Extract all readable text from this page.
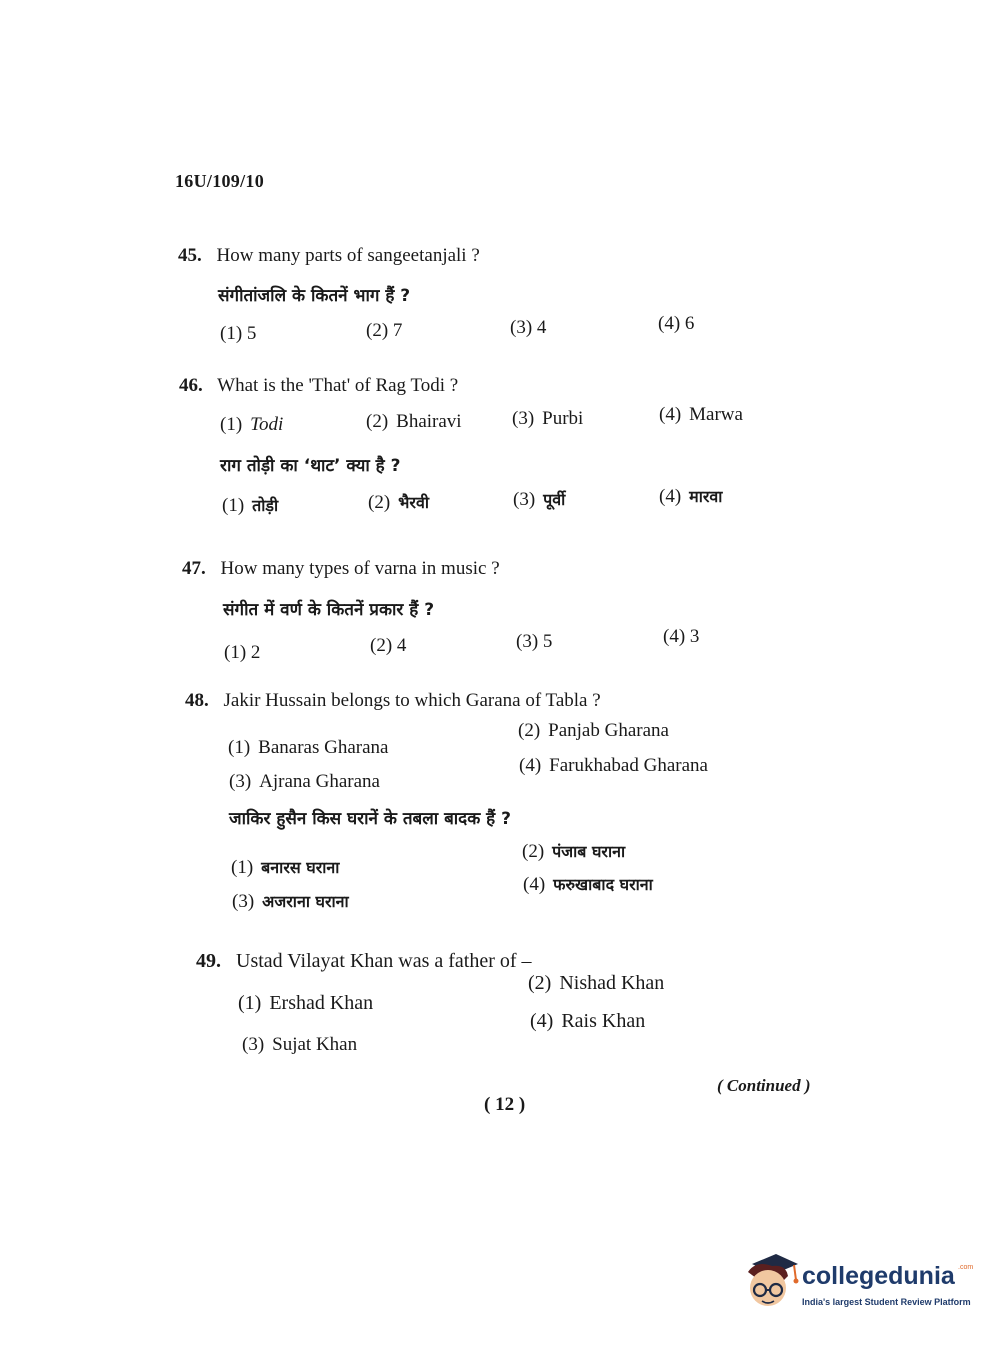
16U/109/10
45. How many parts of sangeetanjali ?
संगीतांजलि के कितनें भाग हैं ?
(1) 5	(2) 7	(3) 4	(4) 6
46. What is the 'That' of Rag Todi ?
(1) Todi	(2) Bhairavi	(3) Purbi	(4) Marwa
राग तोड़ी का ‘थाट’ क्या है ?
(1) तोड़ी	(2) भैरवी	(3) पूर्वी	(4) मारवा
47. How many types of varna in music ?
संगीत में वर्ण के कितनें प्रकार हैं ?
(1) 2	(2) 4	(3) 5	(4) 3
48. Jakir Hussain belongs to which Garana of Tabla ?
(1) Banaras Gharana
(2) Panjab Gharana
(3) Ajrana Gharana
(4) Farukhabad Gharana
जाकिर हुसैन किस घरानें के तबला बादक हैं ?
(1) बनारस घराना
(2) पंजाब घराना
(3) अजराना घराना
(4) फरुखाबाद घराना
49. Ustad Vilayat Khan was a father of –
(1) Ershad Khan
(2) Nishad Khan
(3) Sujat Khan
(4) Rais Khan
( Continued )
( 12 )
collegedunia .com
India's largest Student Review Platform
